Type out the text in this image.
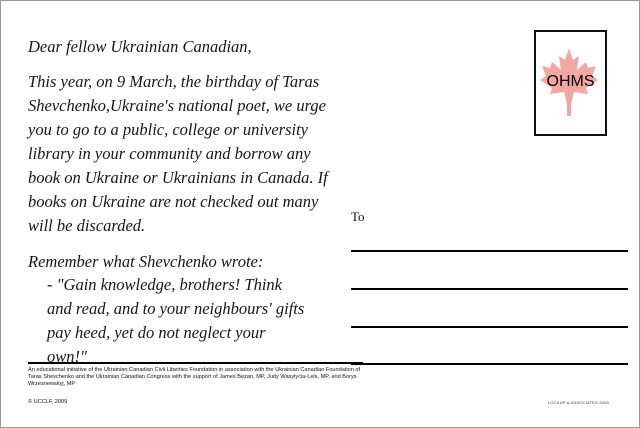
Dear fellow Ukrainian Canadian,
This year, on 9 March, the birthday of Taras Shevchenko,Ukraine's national poet, we urge you to go to a public, college or university library in your community and borrow any book on Ukraine or Ukrainians in Canada. If books on Ukraine are not checked out many will be discarded.
Remember what Shevchenko wrote:
- "Gain knowledge, brothers! Think and read, and to your neighbours' gifts pay heed, yet do not neglect your own!"
An educational initiative of the Ukrainian Canadian Civil Liberties Foundation in association with the Ukrainian Canadian Foundation of Taras Shevchenko and the Ukrainian Canadian Congress with the support of James Bezan, MP, Judy Wasylycia-Leis, MP, and Borys Wrzesnewskyj, MP
© UCCLF, 2009	LOCKUP & ASSOCIATES 2009
OHMS
To
